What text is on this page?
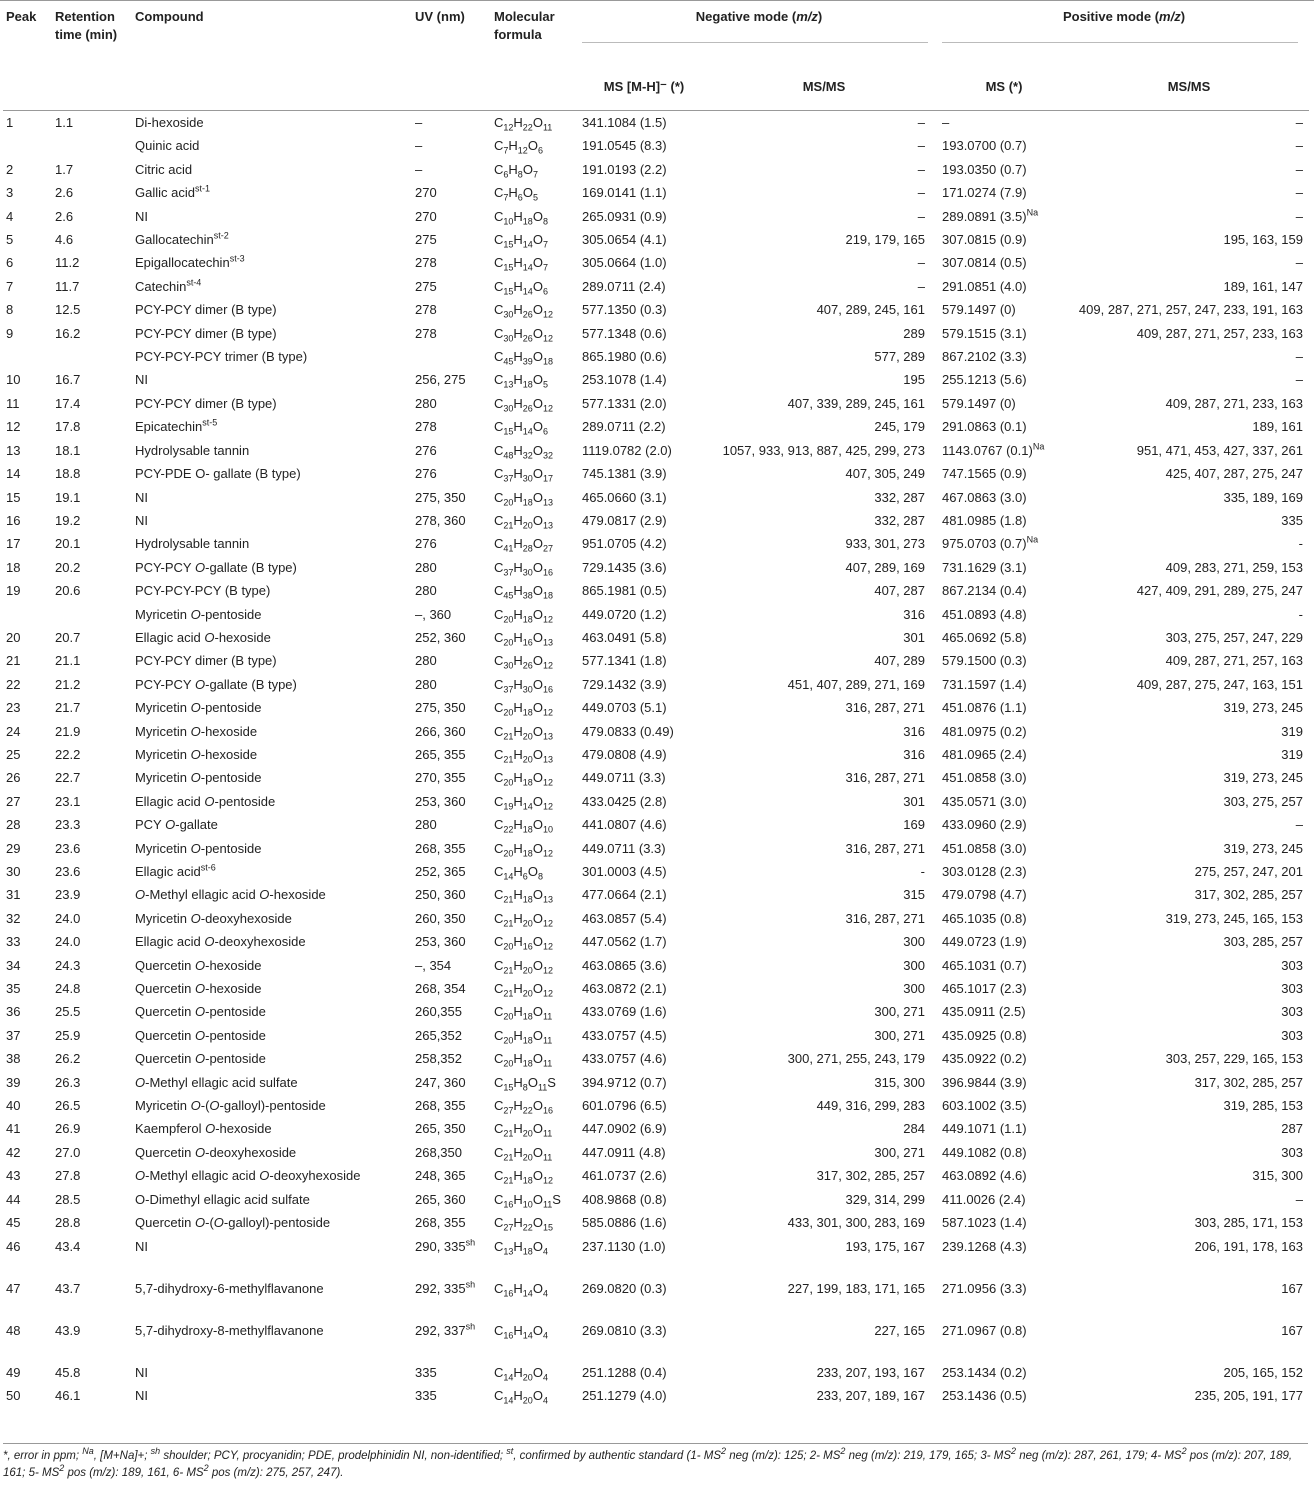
Peak	Retention time (min)	Compound	UV (nm)	Molecular formula	Negative mode (m/z)		Positive mode (m/z)	

					MS [M-H]⁻ (*)	MS/MS	MS (*)	MS/MS
1	1.1	Di-hexoside	–	$C_{12}H_{22}O_{11}$	341.1084 (1.5)	–	–	–
		Quinic acid	–	$C_7H_{12}O_6$	191.0545 (8.3)	–	193.0700 (0.7)	–
2	1.7	Citric acid	–	$C_6H_8O_7$	191.0193 (2.2)	–	193.0350 (0.7)	–
3	2.6	Gallic acid$^{st-1}$	270	$C_7H_6O_5$	169.0141 (1.1)	–	171.0274 (7.9)	–
4	2.6	NI	270	$C_{10}H_{18}O_8$	265.0931 (0.9)	–	289.0891 $(3.5)^{Na}$	–
5	4.6	Gallocatechin$^{st-2}$	275	$C_{15}H_{14}O_7$	305.0654 (4.1)	219, 179, 165	307.0815 (0.9)	195, 163, 159
6	11.2	Epigallocatechin$^{st-3}$	278	$C_{15}H_{14}O_7$	305.0664 (1.0)	–	307.0814 (0.5)	–
7	11.7	Catechin$^{st-4}$	275	$C_{15}H_{14}O_6$	289.0711 (2.4)	–	291.0851 (4.0)	189, 161, 147
8	12.5	PCY-PCY dimer (B type)	278	$C_{30}H_{26}O_{12}$	577.1350 (0.3)	407, 289, 245, 161	579.1497 (0)	409, 287, 271, 257, 247, 233, 191, 163
9	16.2	PCY-PCY dimer (B type)	278	$C_{30}H_{26}O_{12}$	577.1348 (0.6)	289	579.1515 (3.1)	409, 287, 271, 257, 233, 163
		PCY-PCY-PCY trimer (B type)		$C_{45}H_{39}O_{18}$	865.1980 (0.6)	577, 289	867.2102 (3.3)	–
10	16.7	NI	256, 275	$C_{13}H_{18}O_5$	253.1078 (1.4)	195	255.1213 (5.6)	–
11	17.4	PCY-PCY dimer (B type)	280	$C_{30}H_{26}O_{12}$	577.1331 (2.0)	407, 339, 289, 245, 161	579.1497 (0)	409, 287, 271, 233, 163
12	17.8	Epicatechin$^{st-5}$	278	$C_{15}H_{14}O_6$	289.0711 (2.2)	245, 179	291.0863 (0.1)	189, 161
13	18.1	Hydrolysable tannin	276	$C_{48}H_{32}O_{32}$	1119.0782 (2.0)	1057, 933, 913, 887, 425, 299, 273	1143.0767 $(0.1)^{Na}$	951, 471, 453, 427, 337, 261
14	18.8	PCY-PDE O- gallate (B type)	276	$C_{37}H_{30}O_{17}$	745.1381 (3.9)	407, 305, 249	747.1565 (0.9)	425, 407, 287, 275, 247
15	19.1	NI	275, 350	$C_{20}H_{18}O_{13}$	465.0660 (3.1)	332, 287	467.0863 (3.0)	335, 189, 169
16	19.2	NI	278, 360	$C_{21}H_{20}O_{13}$	479.0817 (2.9)	332, 287	481.0985 (1.8)	335
17	20.1	Hydrolysable tannin	276	$C_{41}H_{28}O_{27}$	951.0705 (4.2)	933, 301, 273	975.0703 $(0.7)^{Na}$	-
18	20.2	PCY-PCY O-gallate (B type)	280	$C_{37}H_{30}O_{16}$	729.1435 (3.6)	407, 289, 169	731.1629 (3.1)	409, 283, 271, 259, 153
19	20.6	PCY-PCY-PCY (B type)	280	$C_{45}H_{38}O_{18}$	865.1981 (0.5)	407, 287	867.2134 (0.4)	427, 409, 291, 289, 275, 247
		Myricetin O-pentoside	–, 360	$C_{20}H_{18}O_{12}$	449.0720 (1.2)	316	451.0893 (4.8)	-
20	20.7	Ellagic acid O-hexoside	252, 360	$C_{20}H_{16}O_{13}$	463.0491 (5.8)	301	465.0692 (5.8)	303, 275, 257, 247, 229
21	21.1	PCY-PCY dimer (B type)	280	$C_{30}H_{26}O_{12}$	577.1341 (1.8)	407, 289	579.1500 (0.3)	409, 287, 271, 257, 163
22	21.2	PCY-PCY O-gallate (B type)	280	$C_{37}H_{30}O_{16}$	729.1432 (3.9)	451, 407, 289, 271, 169	731.1597 (1.4)	409, 287, 275, 247, 163, 151
23	21.7	Myricetin O-pentoside	275, 350	$C_{20}H_{18}O_{12}$	449.0703 (5.1)	316, 287, 271	451.0876 (1.1)	319, 273, 245
24	21.9	Myricetin O-hexoside	266, 360	$C_{21}H_{20}O_{13}$	479.0833 (0.49)	316	481.0975 (0.2)	319
25	22.2	Myricetin O-hexoside	265, 355	$C_{21}H_{20}O_{13}$	479.0808 (4.9)	316	481.0965 (2.4)	319
26	22.7	Myricetin O-pentoside	270, 355	$C_{20}H_{18}O_{12}$	449.0711 (3.3)	316, 287, 271	451.0858 (3.0)	319, 273, 245
27	23.1	Ellagic acid O-pentoside	253, 360	$C_{19}H_{14}O_{12}$	433.0425 (2.8)	301	435.0571 (3.0)	303, 275, 257
28	23.3	PCY O-gallate	280	$C_{22}H_{18}O_{10}$	441.0807 (4.6)	169	433.0960 (2.9)	–
29	23.6	Myricetin O-pentoside	268, 355	$C_{20}H_{18}O_{12}$	449.0711 (3.3)	316, 287, 271	451.0858 (3.0)	319, 273, 245
30	23.6	Ellagic acid$^{st-6}$	252, 365	$C_{14}H_6O_8$	301.0003 (4.5)	-	303.0128 (2.3)	275, 257, 247, 201
31	23.9	O-Methyl ellagic acid O-hexoside	250, 360	$C_{21}H_{18}O_{13}$	477.0664 (2.1)	315	479.0798 (4.7)	317, 302, 285, 257
32	24.0	Myricetin O-deoxyhexoside	260, 350	$C_{21}H_{20}O_{12}$	463.0857 (5.4)	316, 287, 271	465.1035 (0.8)	319, 273, 245, 165, 153
33	24.0	Ellagic acid O-deoxyhexoside	253, 360	$C_{20}H_{16}O_{12}$	447.0562 (1.7)	300	449.0723 (1.9)	303, 285, 257
34	24.3	Quercetin O-hexoside	–, 354	$C_{21}H_{20}O_{12}$	463.0865 (3.6)	300	465.1031 (0.7)	303
35	24.8	Quercetin O-hexoside	268, 354	$C_{21}H_{20}O_{12}$	463.0872 (2.1)	300	465.1017 (2.3)	303
36	25.5	Quercetin O-pentoside	260,355	$C_{20}H_{18}O_{11}$	433.0769 (1.6)	300, 271	435.0911 (2.5)	303
37	25.9	Quercetin O-pentoside	265,352	$C_{20}H_{18}O_{11}$	433.0757 (4.5)	300, 271	435.0925 (0.8)	303
38	26.2	Quercetin O-pentoside	258,352	$C_{20}H_{18}O_{11}$	433.0757 (4.6)	300, 271, 255, 243, 179	435.0922 (0.2)	303, 257, 229, 165, 153
39	26.3	O-Methyl ellagic acid sulfate	247, 360	$C_{15}H_8O_{11}S$	394.9712 (0.7)	315, 300	396.9844 (3.9)	317, 302, 285, 257
40	26.5	Myricetin O-(O-galloyl)-pentoside	268, 355	$C_{27}H_{22}O_{16}$	601.0796 (6.5)	449, 316, 299, 283	603.1002 (3.5)	319, 285, 153
41	26.9	Kaempferol O-hexoside	265, 350	$C_{21}H_{20}O_{11}$	447.0902 (6.9)	284	449.1071 (1.1)	287
42	27.0	Quercetin O-deoxyhexoside	268,350	$C_{21}H_{20}O_{11}$	447.0911 (4.8)	300, 271	449.1082 (0.8)	303
43	27.8	O-Methyl ellagic acid O-deoxyhexoside	248, 365	$C_{21}H_{18}O_{12}$	461.0737 (2.6)	317, 302, 285, 257	463.0892 (4.6)	315, 300
44	28.5	O-Dimethyl ellagic acid sulfate	265, 360	$C_{16}H_{10}O_{11}S$	408.9868 (0.8)	329, 314, 299	411.0026 (2.4)	–
45	28.8	Quercetin O-(O-galloyl)-pentoside	268, 355	$C_{27}H_{22}O_{15}$	585.0886 (1.6)	433, 301, 300, 283, 169	587.1023 (1.4)	303, 285, 171, 153
46	43.4	NI	290, $335^{sh}$	$C_{13}H_{18}O_4$	237.1130 (1.0)	193, 175, 167	239.1268 (4.3)	206, 191, 178, 163
47	43.7	5,7-dihydroxy-6-methylflavanone	292, $335^{sh}$	$C_{16}H_{14}O_4$	269.0820 (0.3)	227, 199, 183, 171, 165	271.0956 (3.3)	167
48	43.9	5,7-dihydroxy-8-methylflavanone	292, $337^{sh}$	$C_{16}H_{14}O_4$	269.0810 (3.3)	227, 165	271.0967 (0.8)	167
49	45.8	NI	335	$C_{14}H_{20}O_4$	251.1288 (0.4)	233, 207, 193, 167	253.1434 (0.2)	205, 165, 152
50	46.1	NI	335	$C_{14}H_{20}O_4$	251.1279 (4.0)	233, 207, 189, 167	253.1436 (0.5)	235, 205, 191, 177
*, error in ppm; $^{Na}$, [M+Na]+; $^{sh}$ shoulder; PCY, procyanidin; PDE, prodelphinidin NI, non-identified; $^{st}$, confirmed by authentic standard (1- $MS^2$ neg (m/z): 125; 2- $MS^2$ neg (m/z): 219, 179, 165; 3- $MS^2$ neg (m/z): 287, 261, 179; 4- $MS^2$ pos (m/z): 207, 189, 161; 5- $MS^2$ pos (m/z): 189, 161, 6- $MS^2$ pos (m/z): 275, 257, 247).
